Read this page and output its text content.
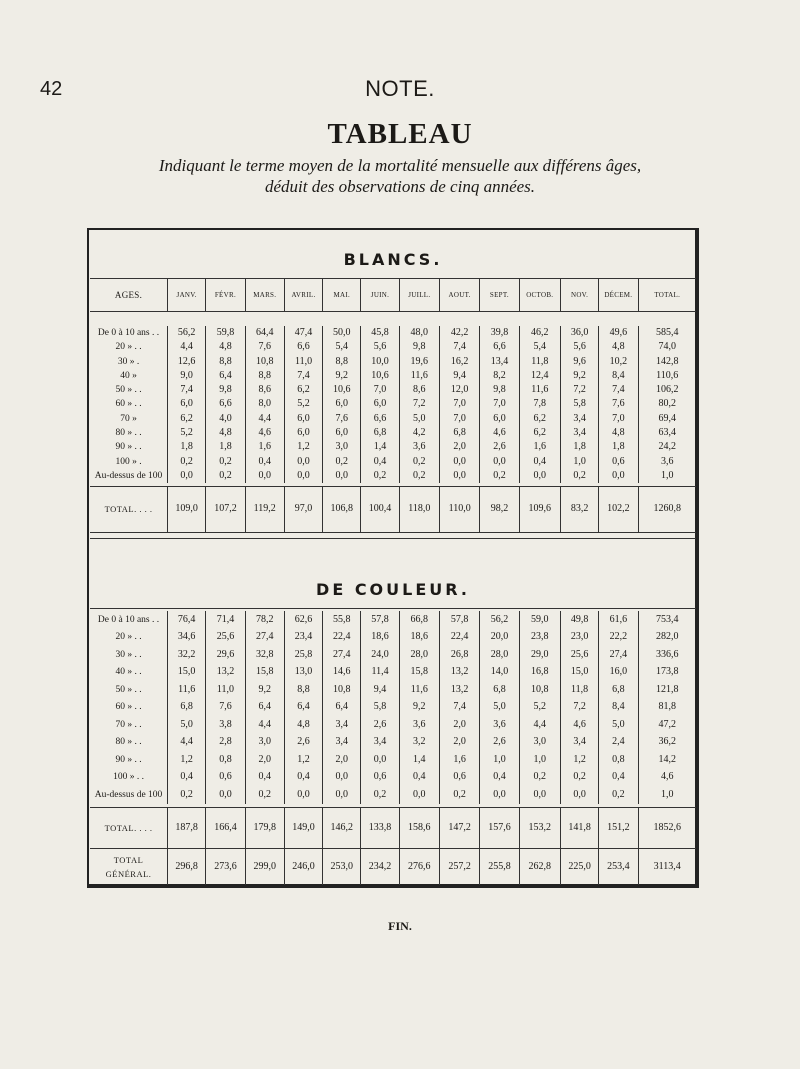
42	NOTE.
TABLEAU
Indiquant le terme moyen de la mortalité mensuelle aux différens âges,
déduit des observations de cinq années.
BLANCS.
AGES.	JANV.	FÉVR.	MARS.	AVRIL.	MAI.	JUIN.	JUILL.	AOUT.	SEPT.	OCTOB.	NOV.	DÉCEM.	TOTAL.
De 0 à 10 ans . .	56,2	59,8	64,4	47,4	50,0	45,8	48,0	42,2	39,8	46,2	36,0	49,6	585,4
20 » . .	4,4	4,8	7,6	6,6	5,4	5,6	9,8	7,4	6,6	5,4	5,6	4,8	74,0
30 » .	12,6	8,8	10,8	11,0	8,8	10,0	19,6	16,2	13,4	11,8	9,6	10,2	142,8
40 »	9,0	6,4	8,8	7,4	9,2	10,6	11,6	9,4	8,2	12,4	9,2	8,4	110,6
50 » . .	7,4	9,8	8,6	6,2	10,6	7,0	8,6	12,0	9,8	11,6	7,2	7,4	106,2
60 » . .	6,0	6,6	8,0	5,2	6,0	6,0	7,2	7,0	7,0	7,8	5,8	7,6	80,2
70 »	6,2	4,0	4,4	6,0	7,6	6,6	5,0	7,0	6,0	6,2	3,4	7,0	69,4
80 » . .	5,2	4,8	4,6	6,0	6,0	6,8	4,2	6,8	4,6	6,2	3,4	4,8	63,4
90 » . .	1,8	1,8	1,6	1,2	3,0	1,4	3,6	2,0	2,6	1,6	1,8	1,8	24,2
100 » .	0,2	0,2	0,4	0,0	0,2	0,4	0,2	0,0	0,0	0,4	1,0	0,6	3,6
Au-dessus de 100	0,0	0,2	0,0	0,0	0,0	0,2	0,2	0,0	0,2	0,0	0,2	0,0	1,0
TOTAL. . . .	109,0	107,2	119,2	97,0	106,8	100,4	118,0	110,0	98,2	109,6	83,2	102,2	1260,8
DE COULEUR.
De 0 à 10 ans . .	76,4	71,4	78,2	62,6	55,8	57,8	66,8	57,8	56,2	59,0	49,8	61,6	753,4
20 » . .	34,6	25,6	27,4	23,4	22,4	18,6	18,6	22,4	20,0	23,8	23,0	22,2	282,0
30 » . .	32,2	29,6	32,8	25,8	27,4	24,0	28,0	26,8	28,0	29,0	25,6	27,4	336,6
40 » . .	15,0	13,2	15,8	13,0	14,6	11,4	15,8	13,2	14,0	16,8	15,0	16,0	173,8
50 » . .	11,6	11,0	9,2	8,8	10,8	9,4	11,6	13,2	6,8	10,8	11,8	6,8	121,8
60 » . .	6,8	7,6	6,4	6,4	6,4	5,8	9,2	7,4	5,0	5,2	7,2	8,4	81,8
70 » . .	5,0	3,8	4,4	4,8	3,4	2,6	3,6	2,0	3,6	4,4	4,6	5,0	47,2
80 » . .	4,4	2,8	3,0	2,6	3,4	3,4	3,2	2,0	2,6	3,0	3,4	2,4	36,2
90 » . .	1,2	0,8	2,0	1,2	2,0	0,0	1,4	1,6	1,0	1,0	1,2	0,8	14,2
100 » . .	0,4	0,6	0,4	0,4	0,0	0,6	0,4	0,6	0,4	0,2	0,2	0,4	4,6
Au-dessus de 100	0,2	0,0	0,2	0,0	0,0	0,2	0,0	0,2	0,0	0,0	0,0	0,2	1,0
TOTAL. . . .	187,8	166,4	179,8	149,0	146,2	133,8	158,6	147,2	157,6	153,2	141,8	151,2	1852,6
TOTAL GÉNÉRAL.	296,8	273,6	299,0	246,0	253,0	234,2	276,6	257,2	255,8	262,8	225,0	253,4	3113,4
FIN.
